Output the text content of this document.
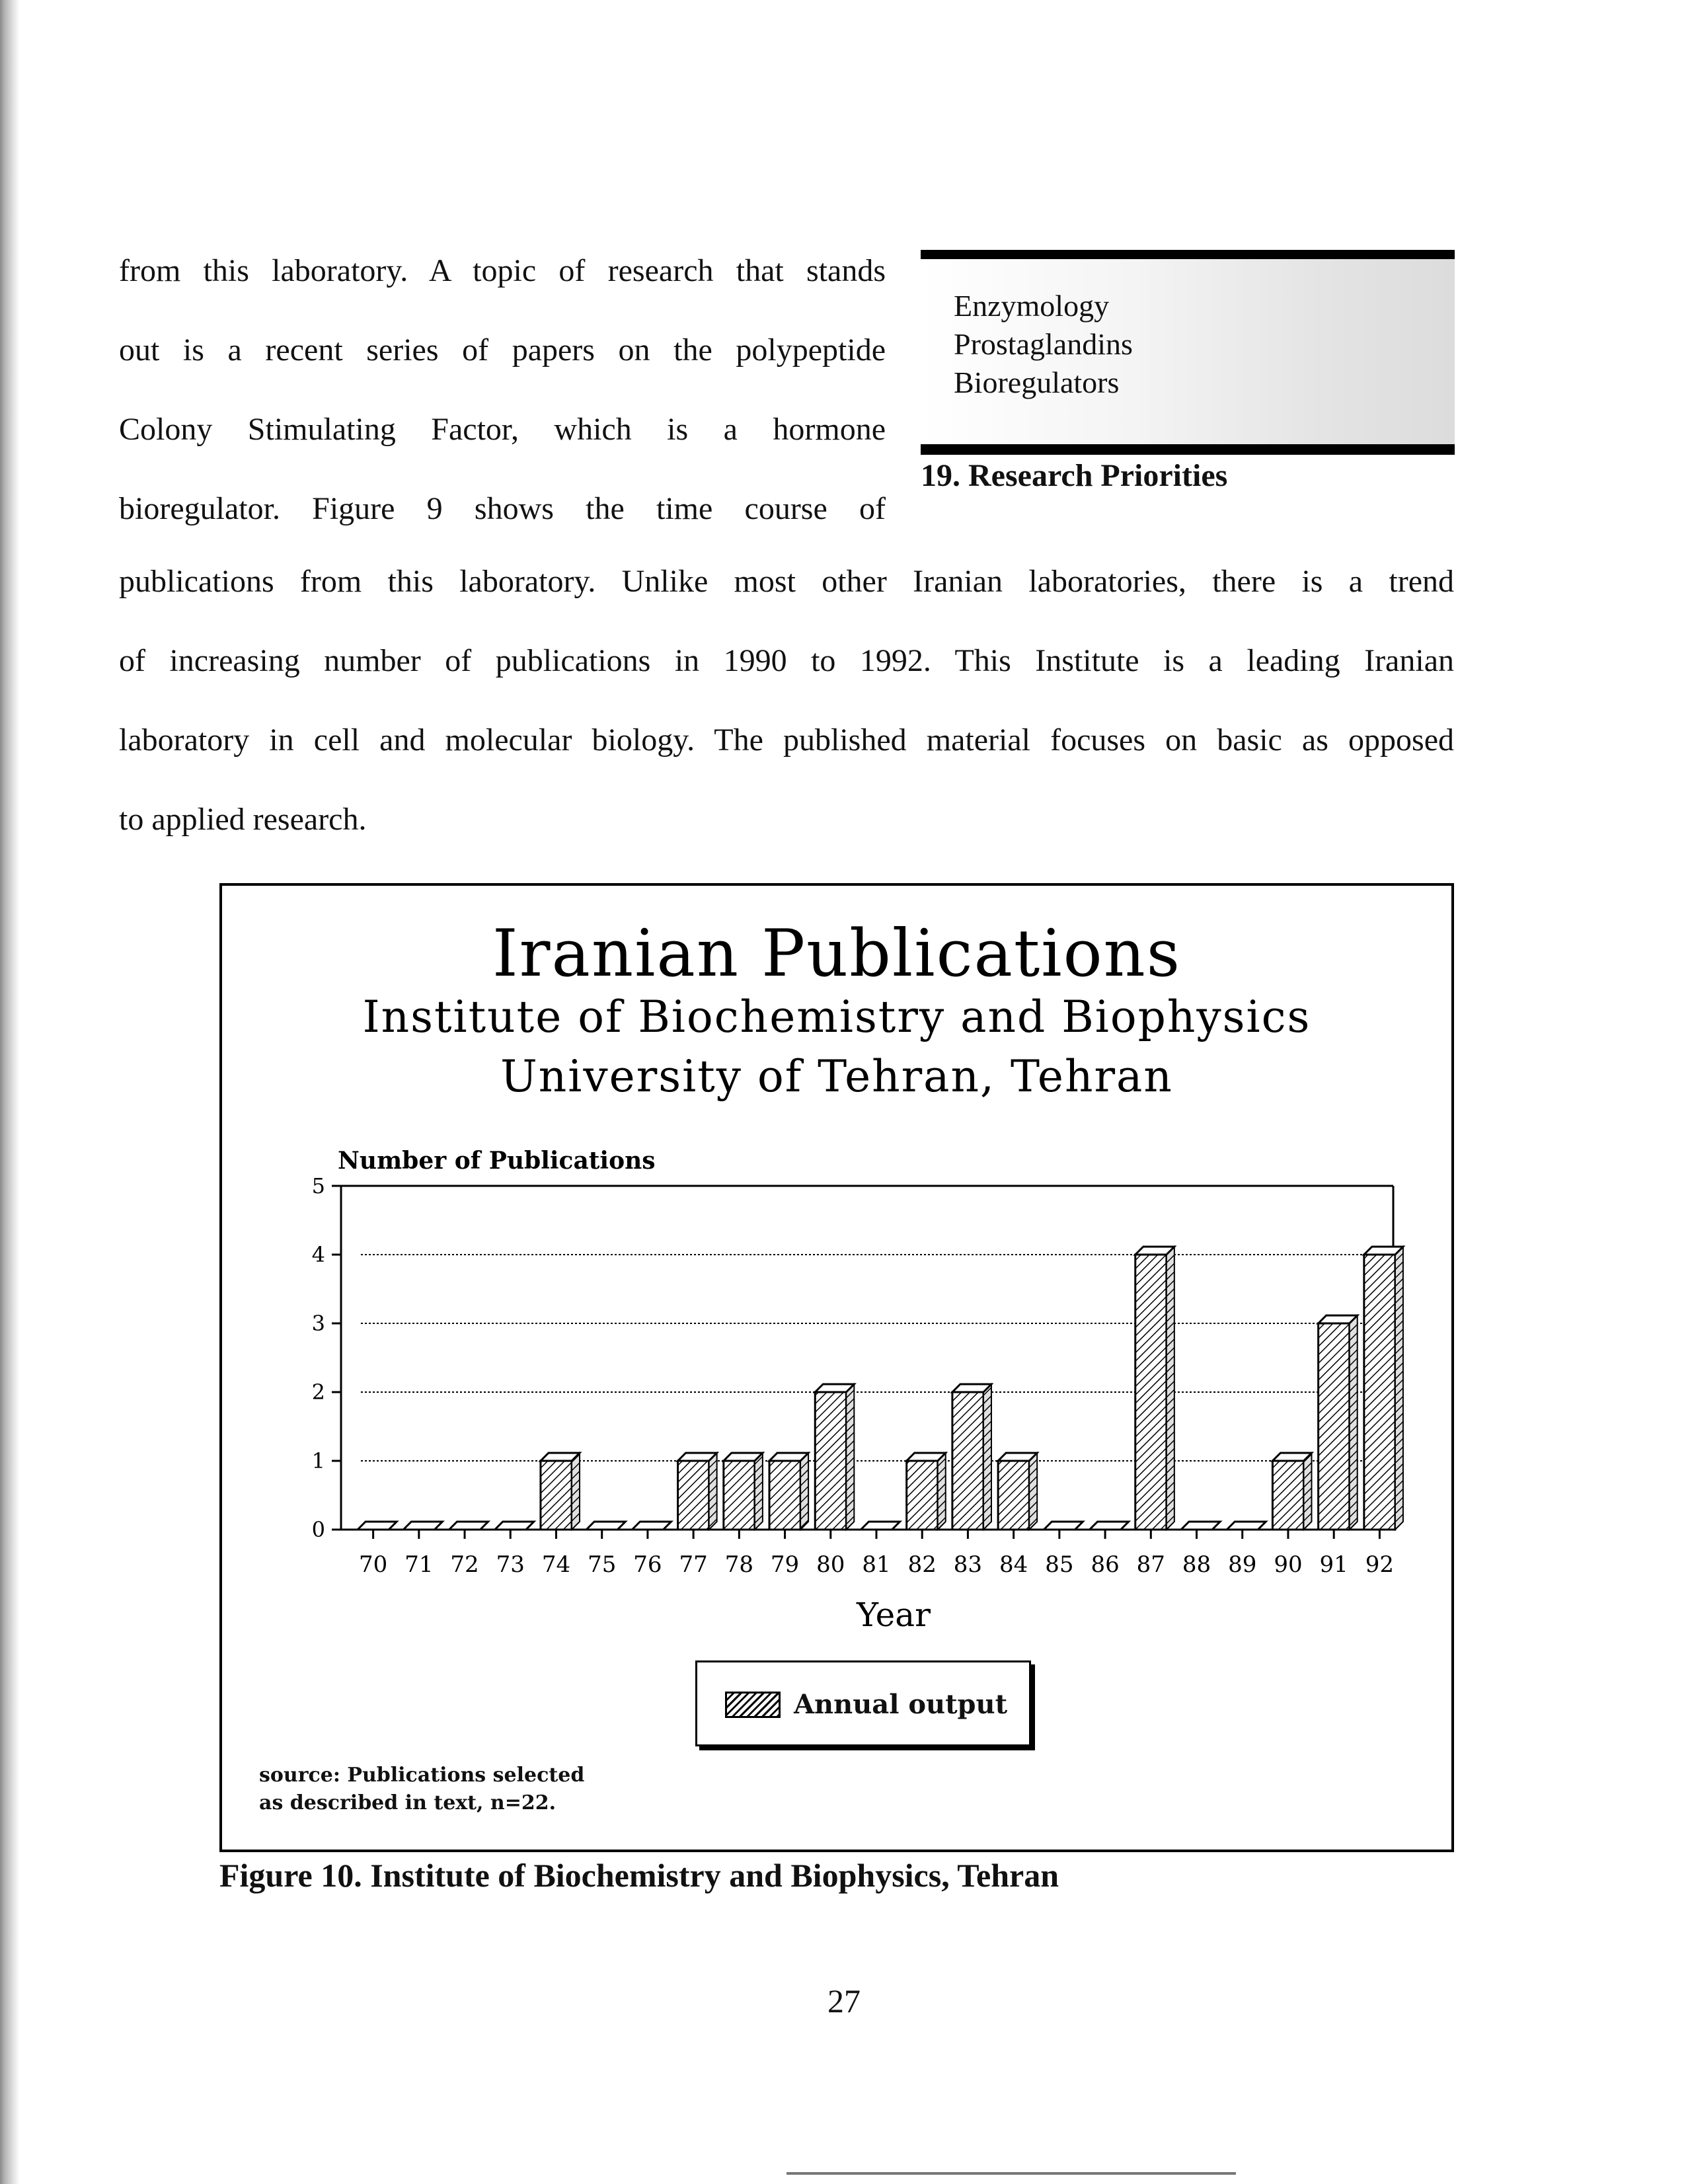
from this laboratory. A topic of research that stands
out is a recent series of papers on the polypeptide
Colony Stimulating Factor, which is a hormone
bioregulator. Figure 9 shows the time course of
publications from this laboratory. Unlike most other Iranian laboratories, there is a trend
of increasing number of publications in 1990 to 1992. This Institute is a leading Iranian
laboratory in cell and molecular biology. The published material focuses on basic as opposed
to applied research.
Enzymology
Prostaglandins
Bioregulators
19. Research Priorities
Iranian Publications
Institute of Biochemistry and Biophysics
University of Tehran, Tehran
Number of Publications
0
1
2
3
4
5
70 71 72 73 74 75 76 77 78 79 80 81 82 83 84 85 86 87 88 89 90 91 92
Year
Annual output
source: Publications selected
as described in text, n=22.
Figure 10. Institute of Biochemistry and Biophysics, Tehran
27
